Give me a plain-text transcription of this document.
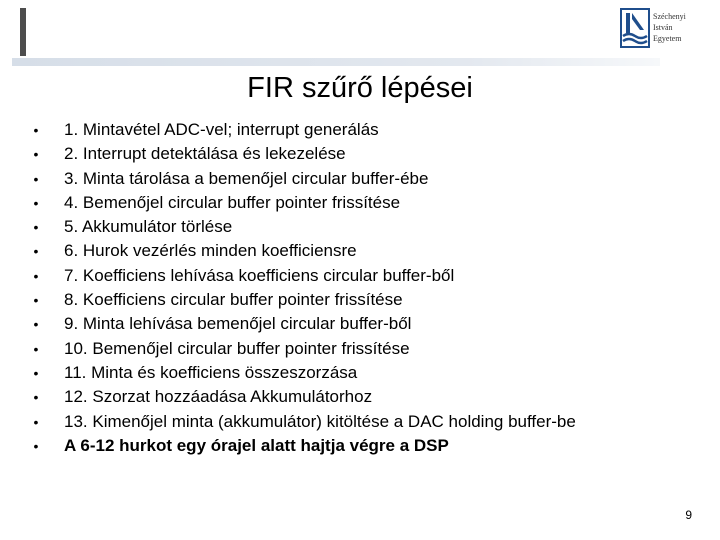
Széchenyi
István
Egyetem
FIR szűrő lépései
• 1. Mintavétel ADC-vel; interrupt generálás
• 2. Interrupt detektálása és lekezelése
• 3. Minta tárolása a bemenőjel circular buffer-ébe
• 4. Bemenőjel circular buffer pointer frissítése
• 5. Akkumulátor törlése
• 6. Hurok vezérlés minden koefficiensre
• 7. Koefficiens lehívása koefficiens circular buffer-ből
• 8. Koefficiens circular buffer pointer frissítése
• 9. Minta lehívása bemenőjel circular buffer-ből
• 10. Bemenőjel circular buffer pointer frissítése
• 11. Minta és koefficiens összeszorzása
• 12. Szorzat hozzáadása Akkumulátorhoz
• 13. Kimenőjel minta (akkumulátor) kitöltése a DAC holding buffer-be
• A 6-12 hurkot egy órajel alatt hajtja végre a DSP
9
